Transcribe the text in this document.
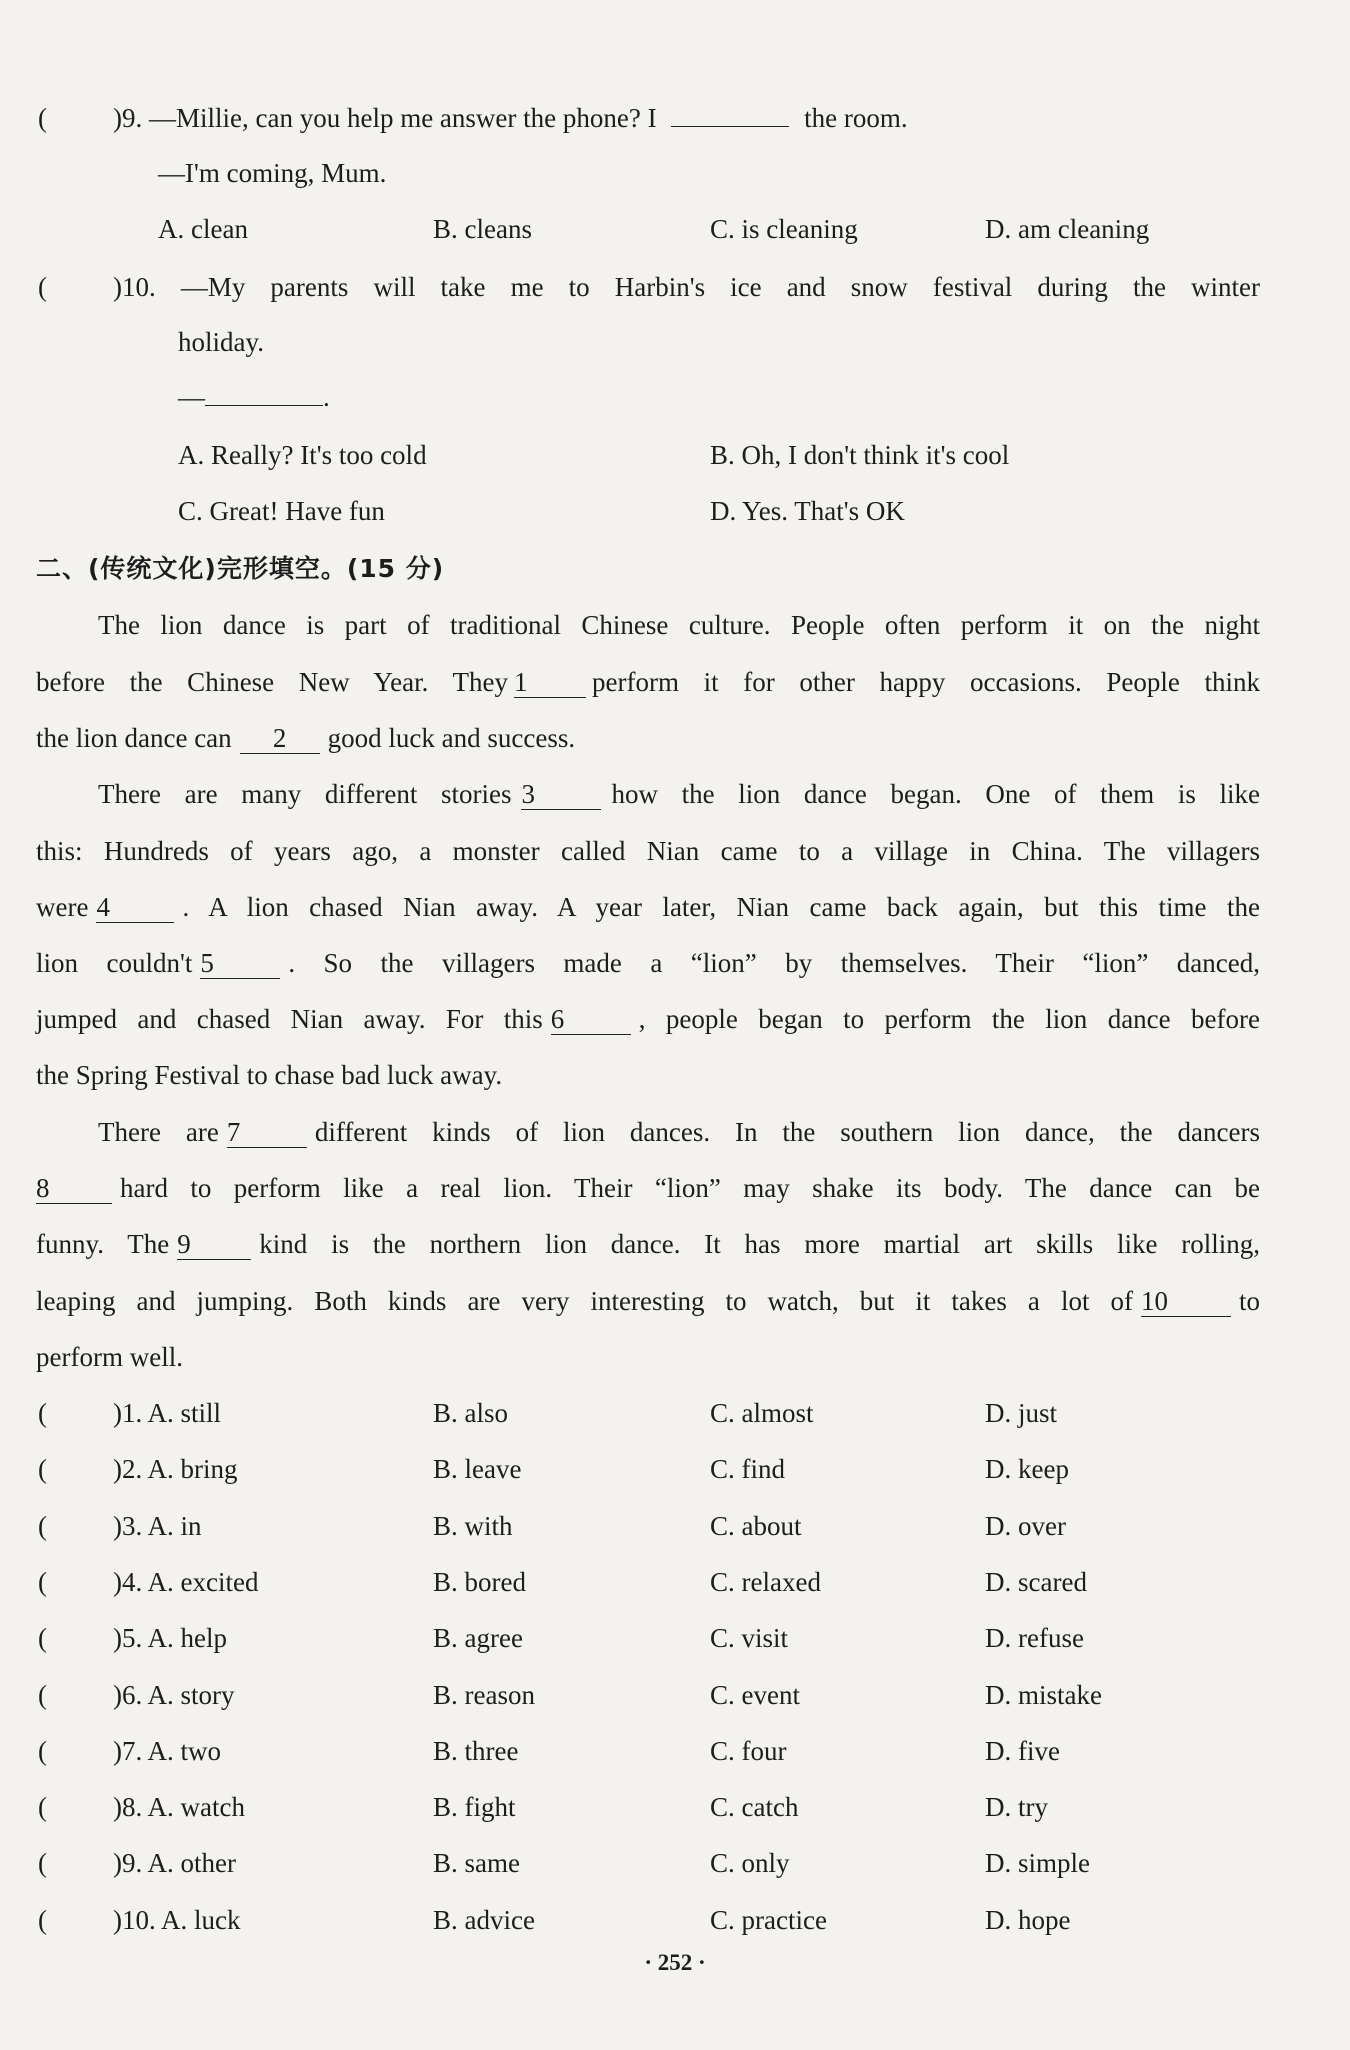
( )9. —Millie, can you help me answer the phone? I	the room.
—I'm coming, Mum.
A. clean	B. cleans	C. is cleaning	D. am cleaning
( )10. —My parents will take me to Harbin's ice and snow festival during the winter
holiday.
—	.
A. Really? It's too cold	B. Oh, I don't think it's cool
C. Great! Have fun	D. Yes. That's OK
二、(传统文化)完形填空。(15 分)
The lion dance is part of traditional Chinese culture. People often perform it on the night
before the Chinese New Year. They 1 perform it for other happy occasions. People think
the lion dance can 2 good luck and success.
There are many different stories 3	how the lion dance began. One of them is like
this: Hundreds of years ago, a monster called Nian came to a village in China. The villagers
were 4	. A lion chased Nian away. A year later, Nian came back again, but this time the
lion couldn't 5	. So the villagers made a “lion” by themselves. Their “lion” danced,
jumped and chased Nian away. For this 6	, people began to perform the lion dance before
the Spring Festival to chase bad luck away.
There are 7	different kinds of lion dances. In the southern lion dance, the dancers
8	hard to perform like a real lion. Their “lion” may shake its body. The dance can be
funny. The 9	kind is the northern lion dance. It has more martial art skills like rolling,
leaping and jumping. Both kinds are very interesting to watch, but it takes a lot of 10	to
perform well.
( )1. A. still	B. also	C. almost	D. just
( )2. A. bring	B. leave	C. find	D. keep
( )3. A. in	B. with	C. about	D. over
( )4. A. excited	B. bored	C. relaxed	D. scared
( )5. A. help	B. agree	C. visit	D. refuse
( )6. A. story	B. reason	C. event	D. mistake
( )7. A. two	B. three	C. four	D. five
( )8. A. watch	B. fight	C. catch	D. try
( )9. A. other	B. same	C. only	D. simple
( )10. A. luck	B. advice	C. practice	D. hope
· 252 ·
